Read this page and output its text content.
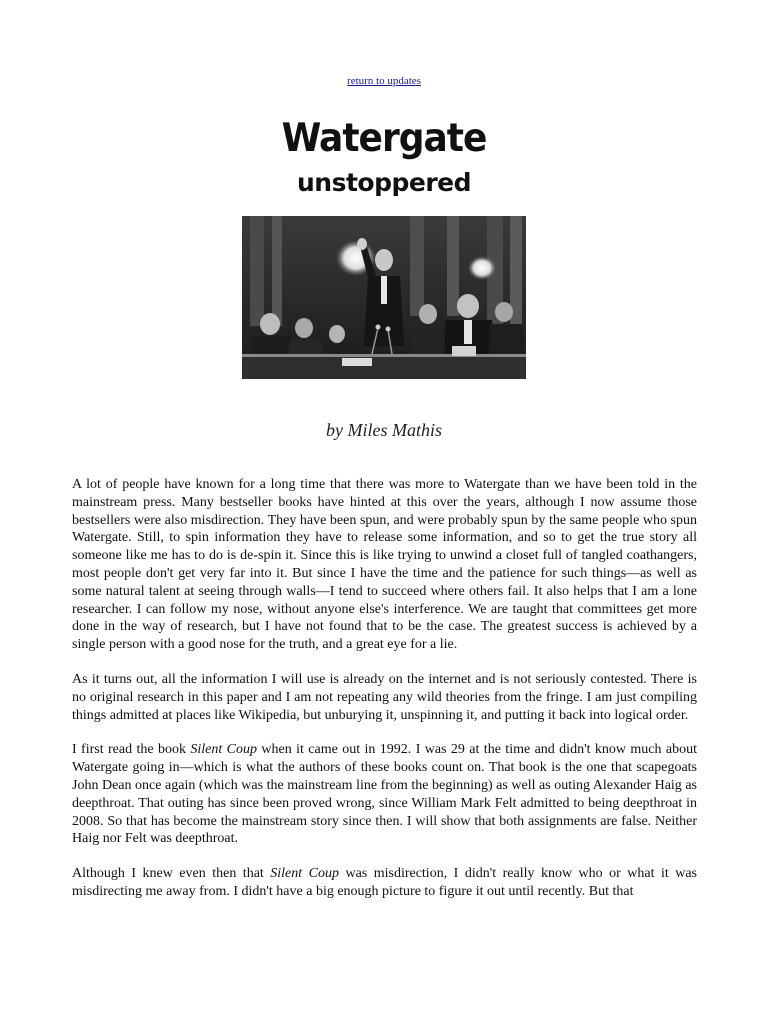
return to updates
Watergate
unstoppered
by Miles Mathis

A lot of people have known for a long time that there was more to Watergate than we have been told in the mainstream press. Many bestseller books have hinted at this over the years, although I now assume those bestsellers were also misdirection. They have been spun, and were probably spun by the same people who spun Watergate. Still, to spin information they have to release some information, and so to get the true story all someone like me has to do is de-spin it. Since this is like trying to unwind a closet full of tangled coathangers, most people don't get very far into it. But since I have the time and the patience for such things—as well as some natural talent at seeing through walls—I tend to succeed where others fail. It also helps that I am a lone researcher. I can follow my nose, without anyone else's interference. We are taught that committees get more done in the way of research, but I have not found that to be the case. The greatest success is achieved by a single person with a good nose for the truth, and a great eye for a lie.

As it turns out, all the information I will use is already on the internet and is not seriously contested. There is no original research in this paper and I am not repeating any wild theories from the fringe. I am just compiling things admitted at places like Wikipedia, but unburying it, unspinning it, and putting it back into logical order.

I first read the book Silent Coup when it came out in 1992. I was 29 at the time and didn't know much about Watergate going in—which is what the authors of these books count on. That book is the one that scapegoats John Dean once again (which was the mainstream line from the beginning) as well as outing Alexander Haig as deepthroat. That outing has since been proved wrong, since William Mark Felt admitted to being deepthroat in 2008. So that has become the mainstream story since then. I will show that both assignments are false. Neither Haig nor Felt was deepthroat.

Although I knew even then that Silent Coup was misdirection, I didn't really know who or what it was misdirecting me away from. I didn't have a big enough picture to figure it out until recently. But that
